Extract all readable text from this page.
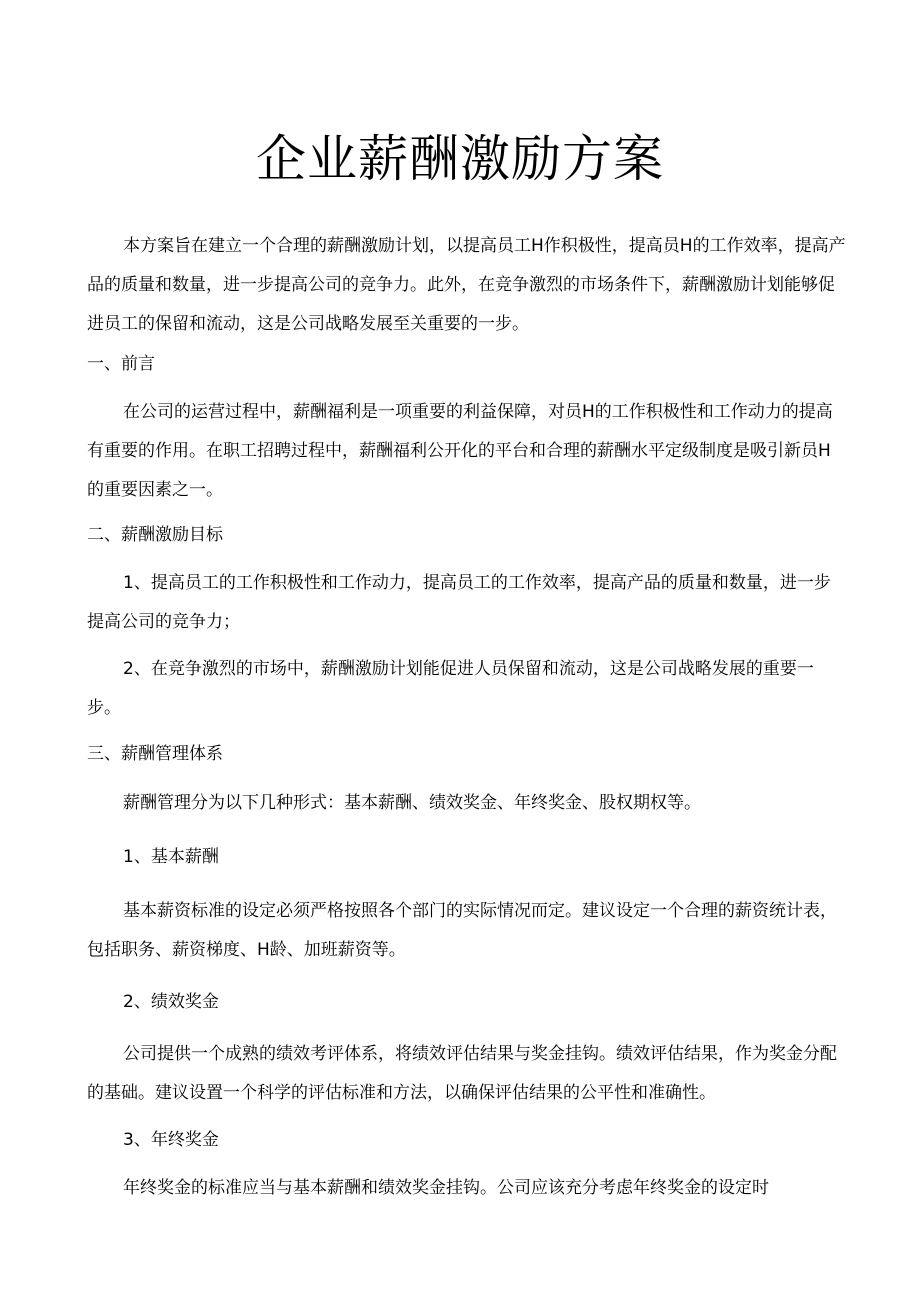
企业薪酬激励方案

本方案旨在建立一个合理的薪酬激励计划，以提高员工H作积极性，提高员H的工作效率，提高产品的质量和数量，进一步提高公司的竞争力。此外，在竞争激烈的市场条件下，薪酬激励计划能够促进员工的保留和流动，这是公司战略发展至关重要的一步。

一、前言

在公司的运营过程中，薪酬福利是一项重要的利益保障，对员H的工作积极性和工作动力的提高有重要的作用。在职工招聘过程中，薪酬福利公开化的平台和合理的薪酬水平定级制度是吸引新员H的重要因素之一。

二、薪酬激励目标

1、提高员工的工作积极性和工作动力，提高员工的工作效率，提高产品的质量和数量，进一步提高公司的竞争力；

2、在竞争激烈的市场中，薪酬激励计划能促进人员保留和流动，这是公司战略发展的重要一步。

三、薪酬管理体系

薪酬管理分为以下几种形式：基本薪酬、绩效奖金、年终奖金、股权期权等。

1、基本薪酬

基本薪资标准的设定必须严格按照各个部门的实际情况而定。建议设定一个合理的薪资统计表，包括职务、薪资梯度、H龄、加班薪资等。

2、绩效奖金

公司提供一个成熟的绩效考评体系，将绩效评估结果与奖金挂钩。绩效评估结果，作为奖金分配的基础。建议设置一个科学的评估标准和方法，以确保评估结果的公平性和准确性。

3、年终奖金

年终奖金的标准应当与基本薪酬和绩效奖金挂钩。公司应该充分考虑年终奖金的设定时
